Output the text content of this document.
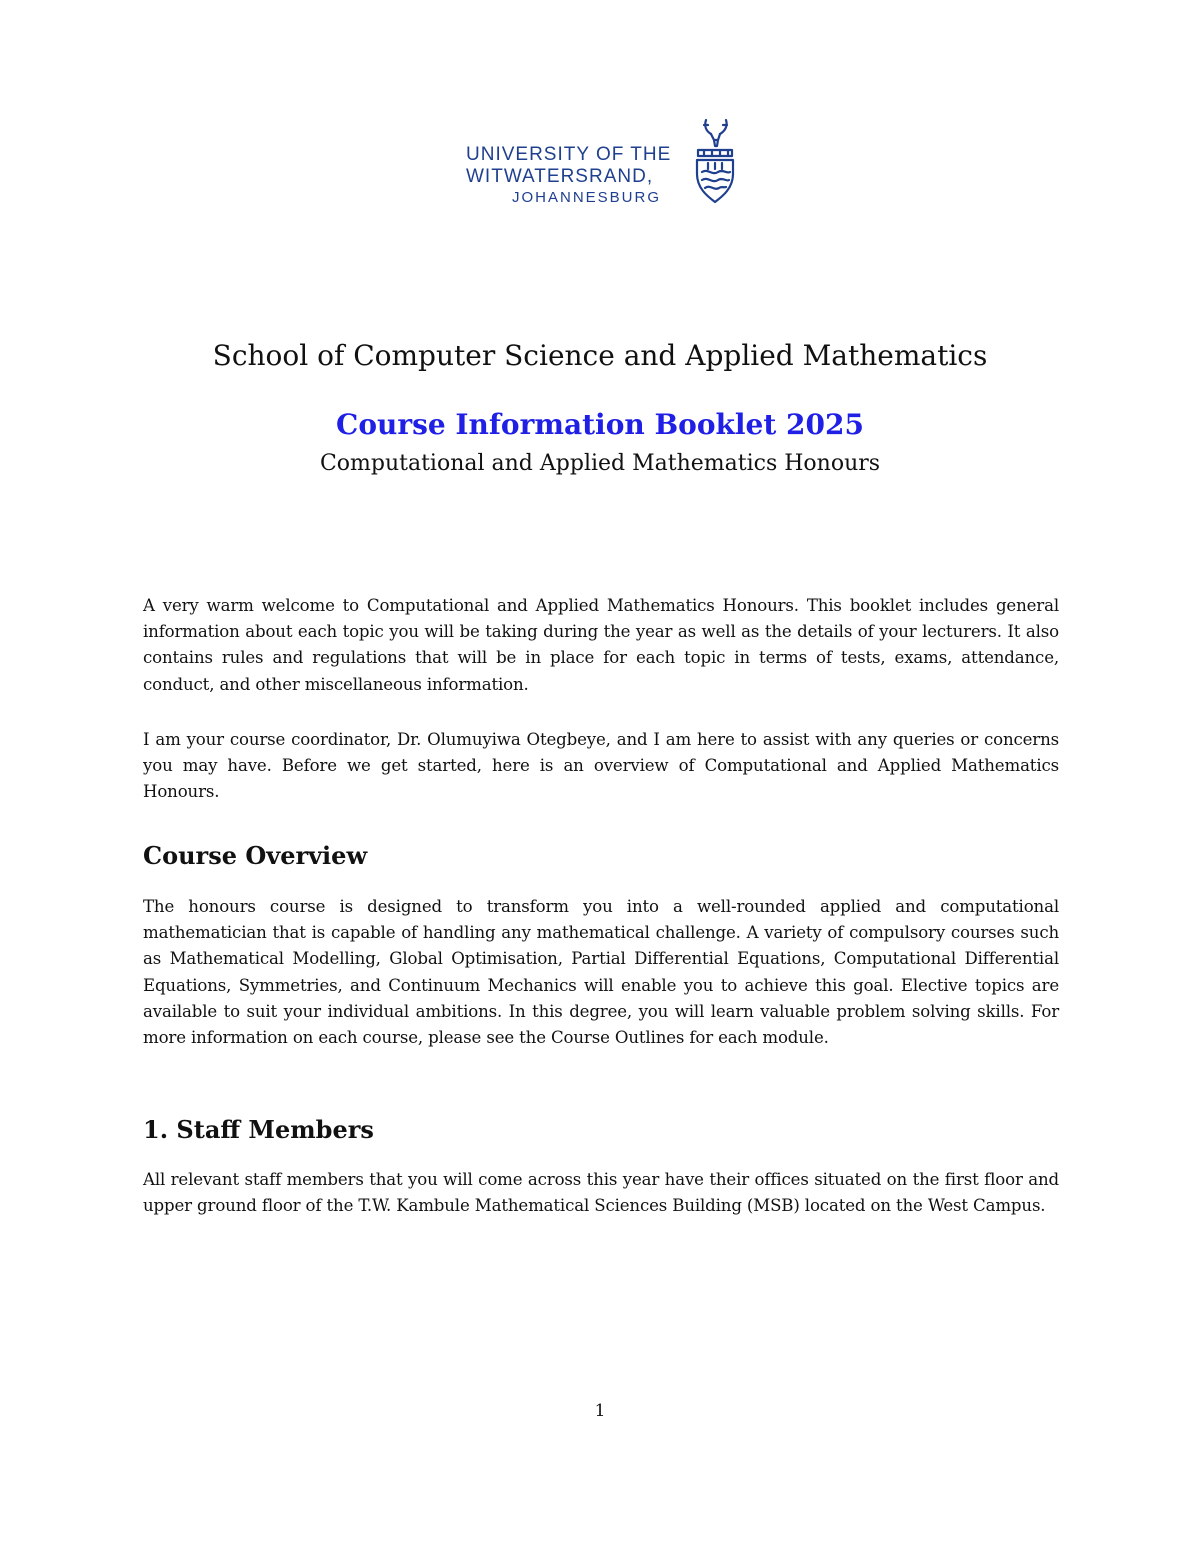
UNIVERSITY OF THE
WITWATERSRAND,
JOHANNESBURG
School of Computer Science and Applied Mathematics
Course Information Booklet 2025
Computational and Applied Mathematics Honours

A very warm welcome to Computational and Applied Mathematics Honours. This booklet includes general information about each topic you will be taking during the year as well as the details of your lecturers. It also contains rules and regulations that will be in place for each topic in terms of tests, exams, attendance, conduct, and other miscellaneous information.

I am your course coordinator, Dr. Olumuyiwa Otegbeye, and I am here to assist with any queries or concerns you may have. Before we get started, here is an overview of Computational and Applied Mathematics Honours.

Course Overview

The honours course is designed to transform you into a well-rounded applied and computational mathematician that is capable of handling any mathematical challenge. A variety of compulsory courses such as Mathematical Modelling, Global Optimisation, Partial Differential Equations, Computational Differential Equations, Symmetries, and Continuum Mechanics will enable you to achieve this goal. Elective topics are available to suit your individual ambitions. In this degree, you will learn valuable problem solving skills. For more information on each course, please see the Course Outlines for each module.

1. Staff Members

All relevant staff members that you will come across this year have their offices situated on the first floor and upper ground floor of the T.W. Kambule Mathematical Sciences Building (MSB) located on the West Campus.

1
